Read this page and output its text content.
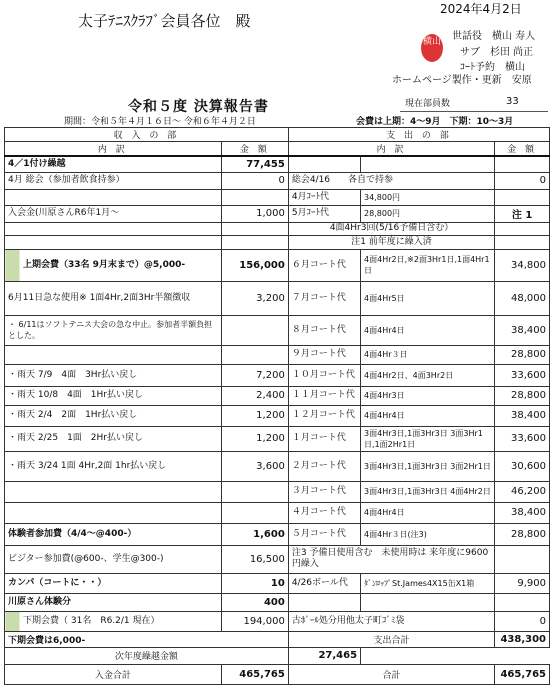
太子ﾃﾆｽｸﾗﾌﾞ会員各位　殿
2024年4月2日
世話役　横山 寿人
サブ　杉田 尚正
ｺｰﾄ予約　横山
ホームページ製作・更新　安原
横山
令和５度 決算報告書
期間：令和５年４月１６日～ 令和６年４月２日
現在部員数	33
会費は上期：4～9月　下期：10～3月
収 入 の 部		支 出 の 部		
内 訳	金 額	内 訳		金 額
4／1付け繰越	77,455			
4月 総会（参加者飲食持参）	0	総会4/16　　各自で持参		0
		4月ｺｰﾄ代	34,800円	
入会金(川原さんR6年1月～	1,000	5月ｺｰﾄ代	28,800円	注 1
		4面4Hr3回(5/16予備日含む）		
		注1 前年度に繰入済		
上期会費（33名 9月末まで）@5,000-	156,000	６月コート代	4面4Hr2日,※2面3Hr1日,1面4Hr1日	34,800
6月11日急な使用※ 1面4Hr,2面3Hr半額徴収	3,200	７月コート代	4面4Hr5日	48,000
・ 6/11はソフトテニス大会の急な中止。参加者半額負担とした。		８月コート代	4面4Hr4日	38,400
		９月コート代	4面4Hr３日	28,800
・雨天 7/9　4面　3Hr払い戻し	7,200	１０月コート代	4面4Hr2日、4面3Hr2日	33,600
・雨天 10/8　4面　1Hr払い戻し	2,400	１１月コート代	4面4Hr3日	28,800
・雨天 2/4　2面　1Hr払い戻し	1,200	１２月コート代	4面4Hr4日	38,400
・雨天 2/25　1面　2Hr払い戻し	1,200	１月コート代	3面4Hr3日,1面3Hr3日 3面3Hr1日,1面2Hr1日	33,600
・雨天 3/24 1面 4Hr,2面 1hr払い戻し	3,600	２月コート代	3面4Hr3日,1面3Hr3日 3面2Hr1日	30,600
		３月コート代	3面4Hr3日,1面3Hr3日 4面4Hr2日	46,200
		４月コート代	4面4Hr4日	38,400
体験者参加費（4/4～@400-）	1,600	５月コート代	4面4Hr３日(注3)	28,800
ビジター参加費(@600-、学生@300-)	16,500	注3 予備日使用含む　未使用時は 来年度に9600円繰入		
カンパ（コートに・・）	10	4/26ボール代	ﾀﾞﾝﾛｯﾌﾟSt.James4X15缶X1箱	9,900
川原さん体験分	400			
下期会費（ 31名　R6.2/1 現在）	194,000	古ﾎﾞｰﾙ処分用他太子町ｺﾞﾐ袋		0
下期会費は6,000-		支出合計		438,300
次年度繰越金額		27,465		
入金合計	465,765	合計		465,765
